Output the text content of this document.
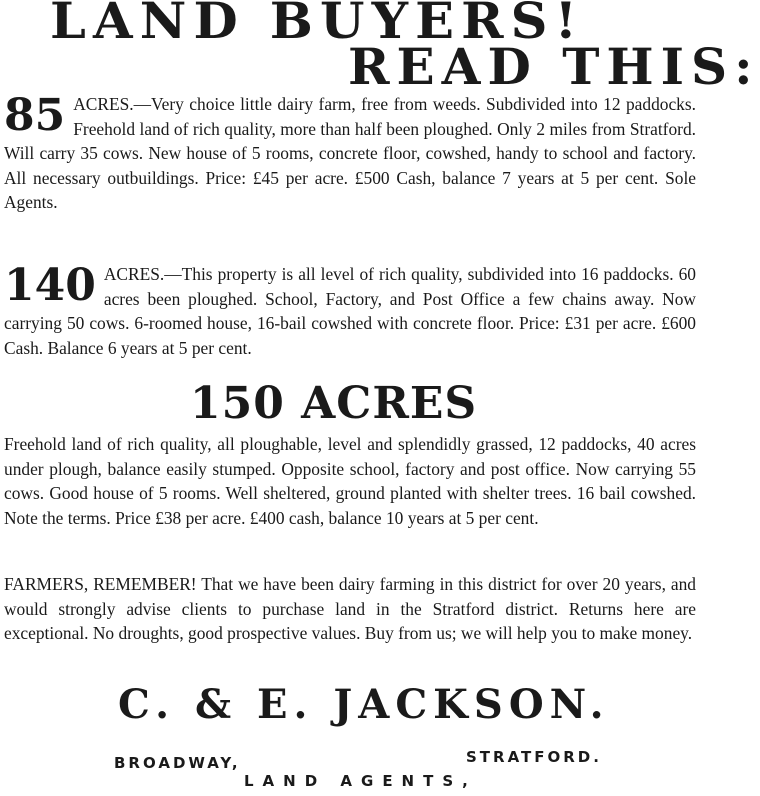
LAND BUYERS!
READ THIS:
85 ACRES.—Very choice little dairy farm, free from weeds. Subdivided into 12 paddocks. Freehold land of rich quality, more than half been ploughed. Only 2 miles from Stratford. Will carry 35 cows. New house of 5 rooms, concrete floor, cowshed, handy to school and factory. All necessary outbuildings. Price: £45 per acre. £500 Cash, balance 7 years at 5 per cent. Sole Agents.
140 ACRES.—This property is all level of rich quality, subdivided into 16 paddocks. 60 acres been ploughed. School, Factory, and Post Office a few chains away. Now carrying 50 cows. 6-roomed house, 16-bail cowshed with concrete floor. Price: £31 per acre. £600 Cash. Balance 6 years at 5 per cent.
150 ACRES
Freehold land of rich quality, all ploughable, level and splendidly grassed, 12 paddocks, 40 acres under plough, balance easily stumped. Opposite school, factory and post office. Now carrying 55 cows. Good house of 5 rooms. Well sheltered, ground planted with shelter trees. 16 bail cowshed. Note the terms. Price £38 per acre. £400 cash, balance 10 years at 5 per cent.
FARMERS, REMEMBER! That we have been dairy farming in this district for over 20 years, and would strongly advise clients to purchase land in the Stratford district. Returns here are exceptional. No droughts, good prospective values. Buy from us; we will help you to make money.
C. & E. JACKSON.
BROADWAY,	STRATFORD.
LAND AGENTS,
